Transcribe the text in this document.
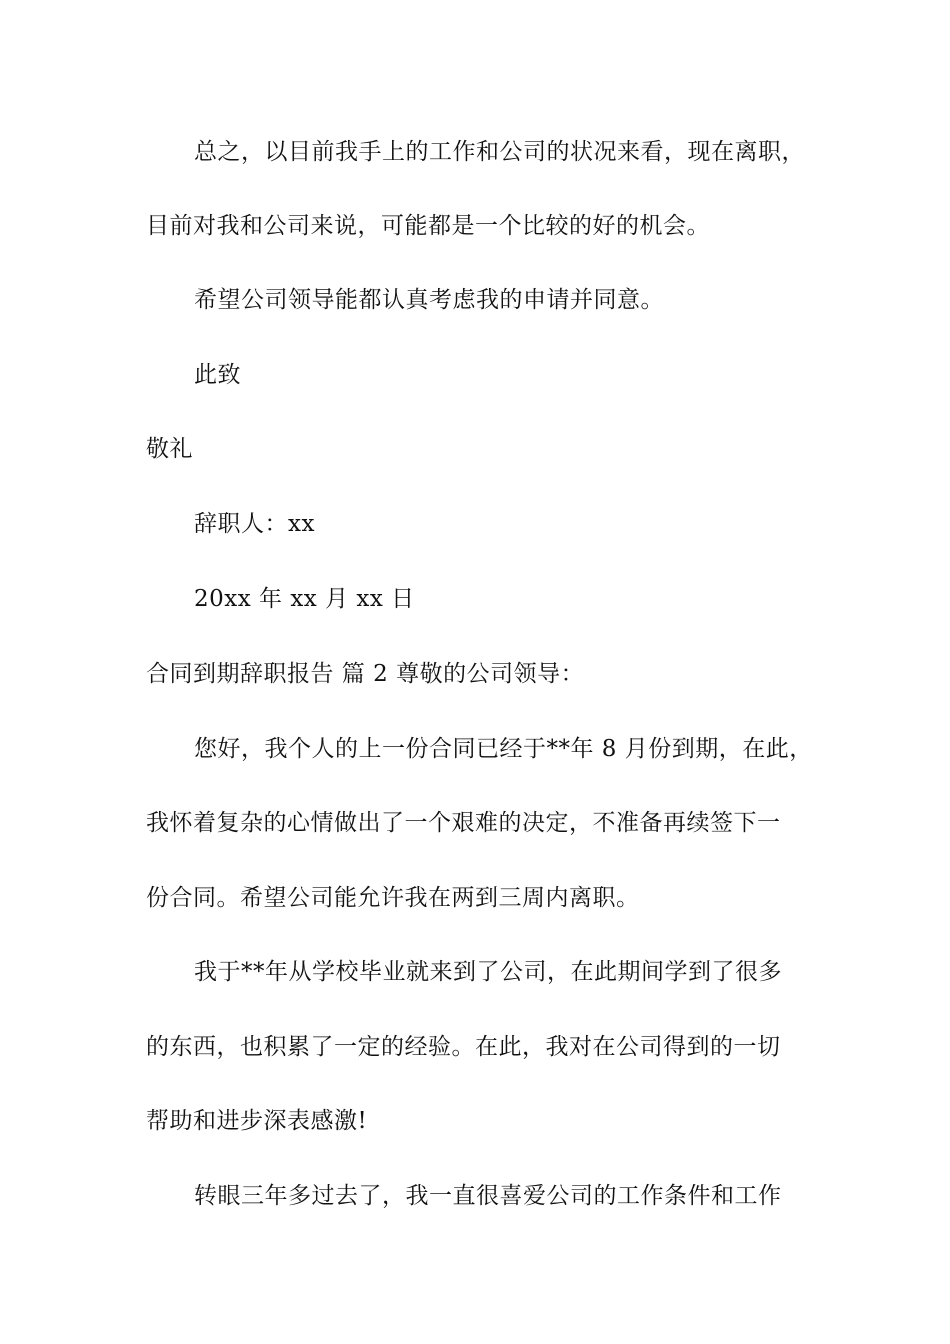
总之，以目前我手上的工作和公司的状况来看，现在离职，
目前对我和公司来说，可能都是一个比较的好的机会。
希望公司领导能都认真考虑我的申请并同意。
此致
敬礼
辞职人：xx
20xx 年 xx 月 xx 日
合同到期辞职报告 篇 2 尊敬的公司领导：
您好，我个人的上一份合同已经于**年 8 月份到期，在此，
我怀着复杂的心情做出了一个艰难的决定，不准备再续签下一
份合同。希望公司能允许我在两到三周内离职。
我于**年从学校毕业就来到了公司，在此期间学到了很多
的东西，也积累了一定的经验。在此，我对在公司得到的一切
帮助和进步深表感激!
转眼三年多过去了，我一直很喜爱公司的工作条件和工作
